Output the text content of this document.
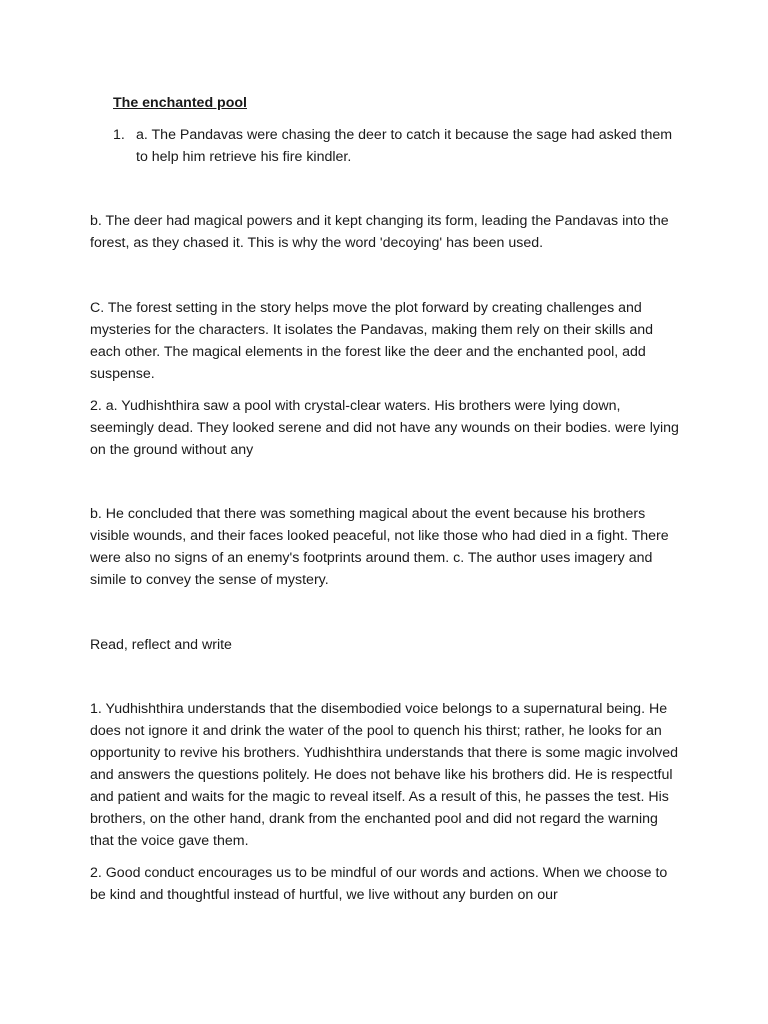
The enchanted pool

1. a. The Pandavas were chasing the deer to catch it because the sage had asked them to help him retrieve his fire kindler.

b. The deer had magical powers and it kept changing its form, leading the Pandavas into the forest, as they chased it. This is why the word 'decoying' has been used.

C. The forest setting in the story helps move the plot forward by creating challenges and mysteries for the characters. It isolates the Pandavas, making them rely on their skills and each other. The magical elements in the forest like the deer and the enchanted pool, add suspense.

2. a. Yudhishthira saw a pool with crystal-clear waters. His brothers were lying down, seemingly dead. They looked serene and did not have any wounds on their bodies. were lying on the ground without any

b. He concluded that there was something magical about the event because his brothers visible wounds, and their faces looked peaceful, not like those who had died in a fight. There were also no signs of an enemy's footprints around them. c. The author uses imagery and simile to convey the sense of mystery.

Read, reflect and write

1. Yudhishthira understands that the disembodied voice belongs to a supernatural being. He does not ignore it and drink the water of the pool to quench his thirst; rather, he looks for an opportunity to revive his brothers. Yudhishthira understands that there is some magic involved and answers the questions politely. He does not behave like his brothers did. He is respectful and patient and waits for the magic to reveal itself. As a result of this, he passes the test. His brothers, on the other hand, drank from the enchanted pool and did not regard the warning that the voice gave them.

2. Good conduct encourages us to be mindful of our words and actions. When we choose to be kind and thoughtful instead of hurtful, we live without any burden on our
